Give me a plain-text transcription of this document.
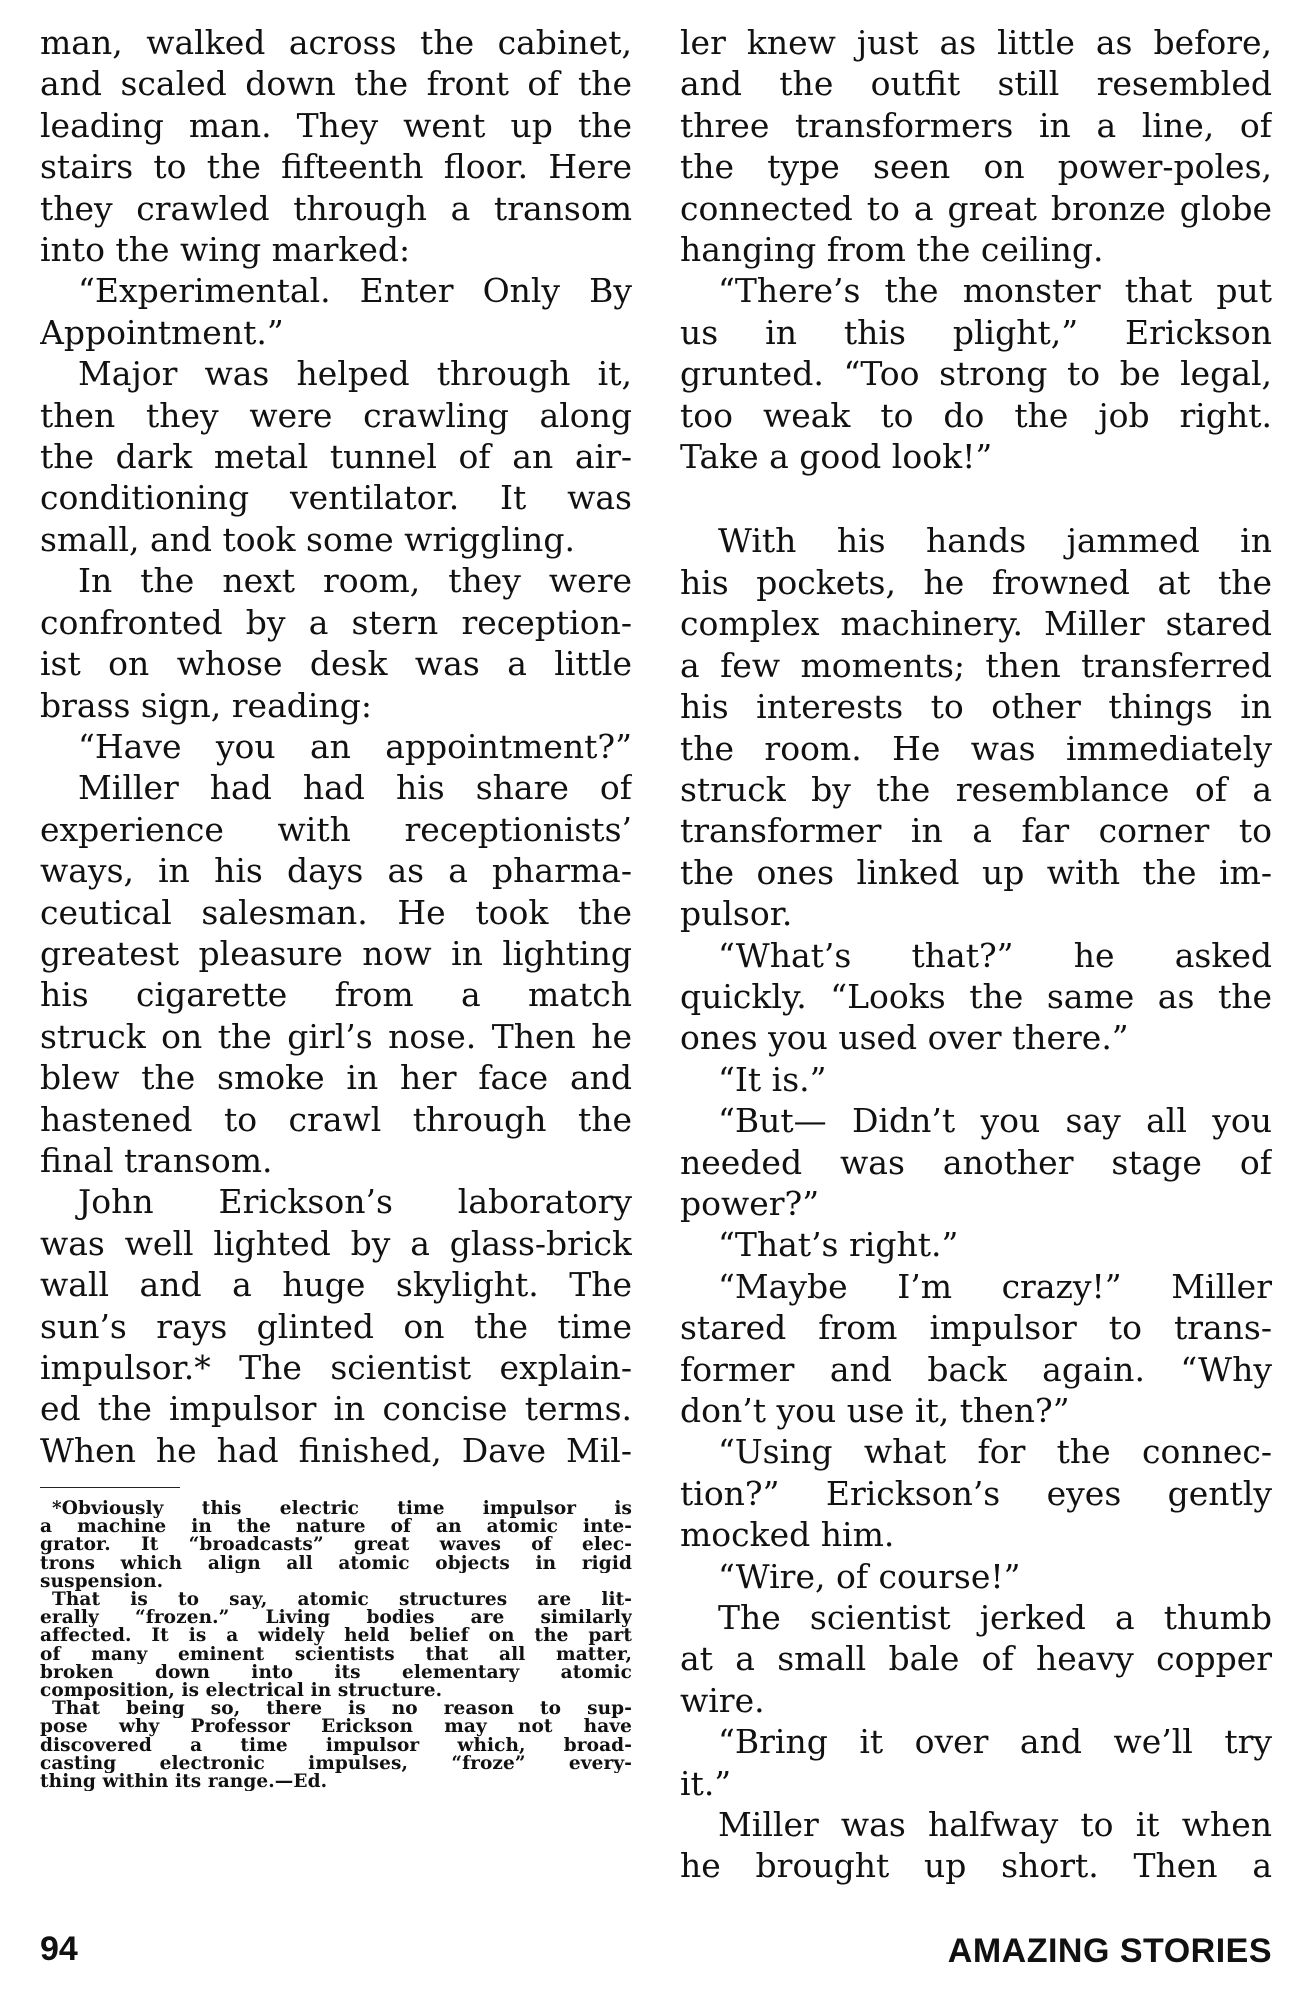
man, walked across the cabinet,
and scaled down the front of the
leading man. They went up the
stairs to the fifteenth floor. Here
they crawled through a transom
into the wing marked:
“Experimental. Enter Only By
Appointment.”
Major was helped through it,
then they were crawling along
the dark metal tunnel of an air-
conditioning ventilator. It was
small, and took some wriggling.
In the next room, they were
confronted by a stern reception-
ist on whose desk was a little
brass sign, reading:
“Have you an appointment?”
Miller had had his share of
experience with receptionists’
ways, in his days as a pharma-
ceutical salesman. He took the
greatest pleasure now in lighting
his cigarette from a match
struck on the girl’s nose. Then he
blew the smoke in her face and
hastened to crawl through the
final transom.
John Erickson’s laboratory
was well lighted by a glass-brick
wall and a huge skylight. The
sun’s rays glinted on the time
impulsor.* The scientist explain-
ed the impulsor in concise terms.
When he had finished, Dave Mil-
*Obviously this electric time impulsor is
a machine in the nature of an atomic inte-
grator. It “broadcasts” great waves of elec-
trons which align all atomic objects in rigid
suspension.
That is to say, atomic structures are lit-
erally “frozen.” Living bodies are similarly
affected. It is a widely held belief on the part
of many eminent scientists that all matter,
broken down into its elementary atomic
composition, is electrical in structure.
That being so, there is no reason to sup-
pose why Professor Erickson may not have
discovered a time impulsor which, broad-
casting electronic impulses, “froze” every-
thing within its range.—Ed.
ler knew just as little as before,
and the outfit still resembled
three transformers in a line, of
the type seen on power-poles,
connected to a great bronze globe
hanging from the ceiling.
“There’s the monster that put
us in this plight,” Erickson
grunted. “Too strong to be legal,
too weak to do the job right.
Take a good look!”
With his hands jammed in
his pockets, he frowned at the
complex machinery. Miller stared
a few moments; then transferred
his interests to other things in
the room. He was immediately
struck by the resemblance of a
transformer in a far corner to
the ones linked up with the im-
pulsor.
“What’s that?” he asked
quickly. “Looks the same as the
ones you used over there.”
“It is.”
“But— Didn’t you say all you
needed was another stage of
power?”
“That’s right.”
“Maybe I’m crazy!” Miller
stared from impulsor to trans-
former and back again. “Why
don’t you use it, then?”
“Using what for the connec-
tion?” Erickson’s eyes gently
mocked him.
“Wire, of course!”
The scientist jerked a thumb
at a small bale of heavy copper
wire.
“Bring it over and we’ll try
it.”
Miller was halfway to it when
he brought up short. Then a
94	AMAZING STORIES
